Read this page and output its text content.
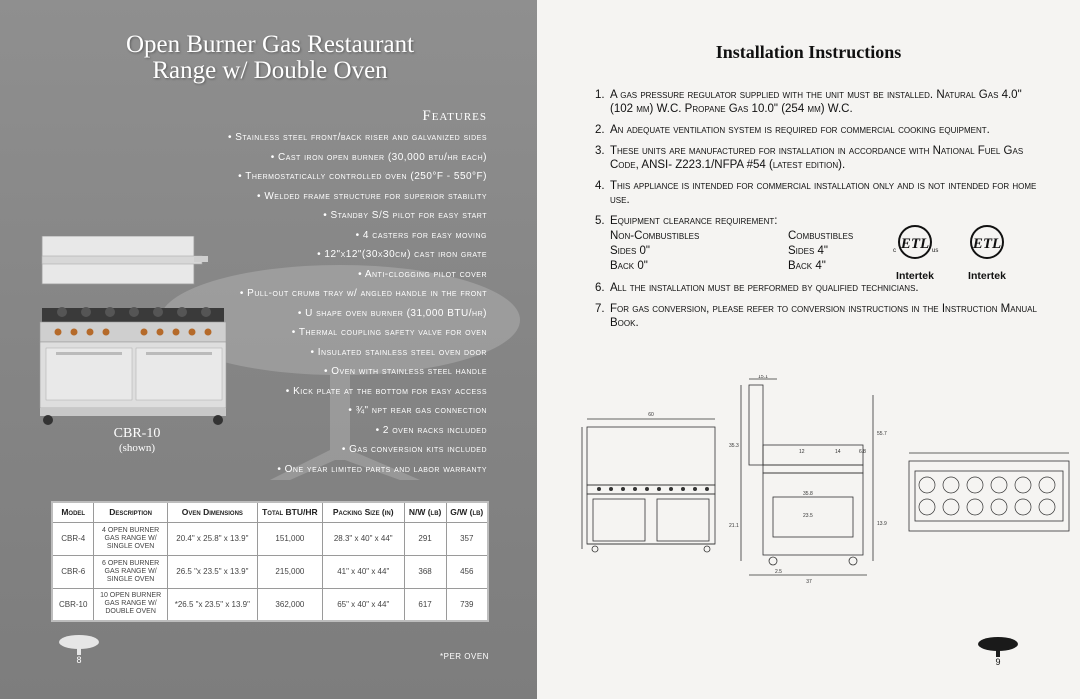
Open Burner Gas Restaurant
Range w/ Double Oven
Features
• Stainless steel front/back riser and galvanized sides
• Cast iron open burner (30,000 btu/hr each)
• Thermostatically controlled oven (250°F - 550°F)
• Welded frame structure for superior stability
• Standby S/S pilot for easy start
• 4 casters for easy moving
• 12"x12"(30x30cm) cast iron grate
• Anti-clogging pilot cover
• Pull-out crumb tray w/ angled handle in the front
• U shape oven burner (31,000 BTU/hr)
• Thermal coupling safety valve for oven
• Insulated stainless steel oven door
• Oven with stainless steel handle
• Kick plate at the bottom for easy access
• ¾" npt rear gas connection
• 2 oven racks included
• Gas conversion kits included
• One year limited parts and labor warranty
CBR-10
(shown)
Model	Description	Oven Dimensions	Total BTU/HR	Packing Size (in)	N/W (lb)	G/W (lb)
CBR-4	4 OPEN BURNER GAS RANGE W/ SINGLE OVEN	20.4" x 25.8" x 13.9"	151,000	28.3" x 40" x 44"	291	357
CBR-6	6 OPEN BURNER GAS RANGE W/ SINGLE OVEN	26.5 "x 23.5" x 13.9"	215,000	41" x 40" x 44"	368	456
CBR-10	10 OPEN BURNER GAS RANGE W/ DOUBLE OVEN	*26.5 "x 23.5" x 13.9"	362,000	65" x 40" x 44"	617	739
*PER OVEN
8
Installation Instructions
1. A gas pressure regulator supplied with the unit must be installed. Natural Gas 4.0" (102 mm) W.C. Propane Gas 10.0" (254 mm) W.C.
2. An adequate ventilation system is required for commercial cooking equipment.
3. These units are manufactured for installation in accordance with National Fuel Gas Code, ANSI- Z223.1/NFPA #54 (latest edition).
4. This appliance is intended for commercial installation only and is not intended for home use.
5. Equipment clearance requirement:
Non-Combustibles	Combustibles
Sides 0"	Sides 4"
Back 0"	Back 4"
6. All the installation must be performed by qualified technicians.
7. For gas conversion, please refer to conversion instructions in the Instruction Manual Book.
ETL
c	us
Intertek
ETL
Intertek
60
15.1
37
12	14	6.8
35.8
23.5
2.5
55.7
35.3
21.1	13.9
9
